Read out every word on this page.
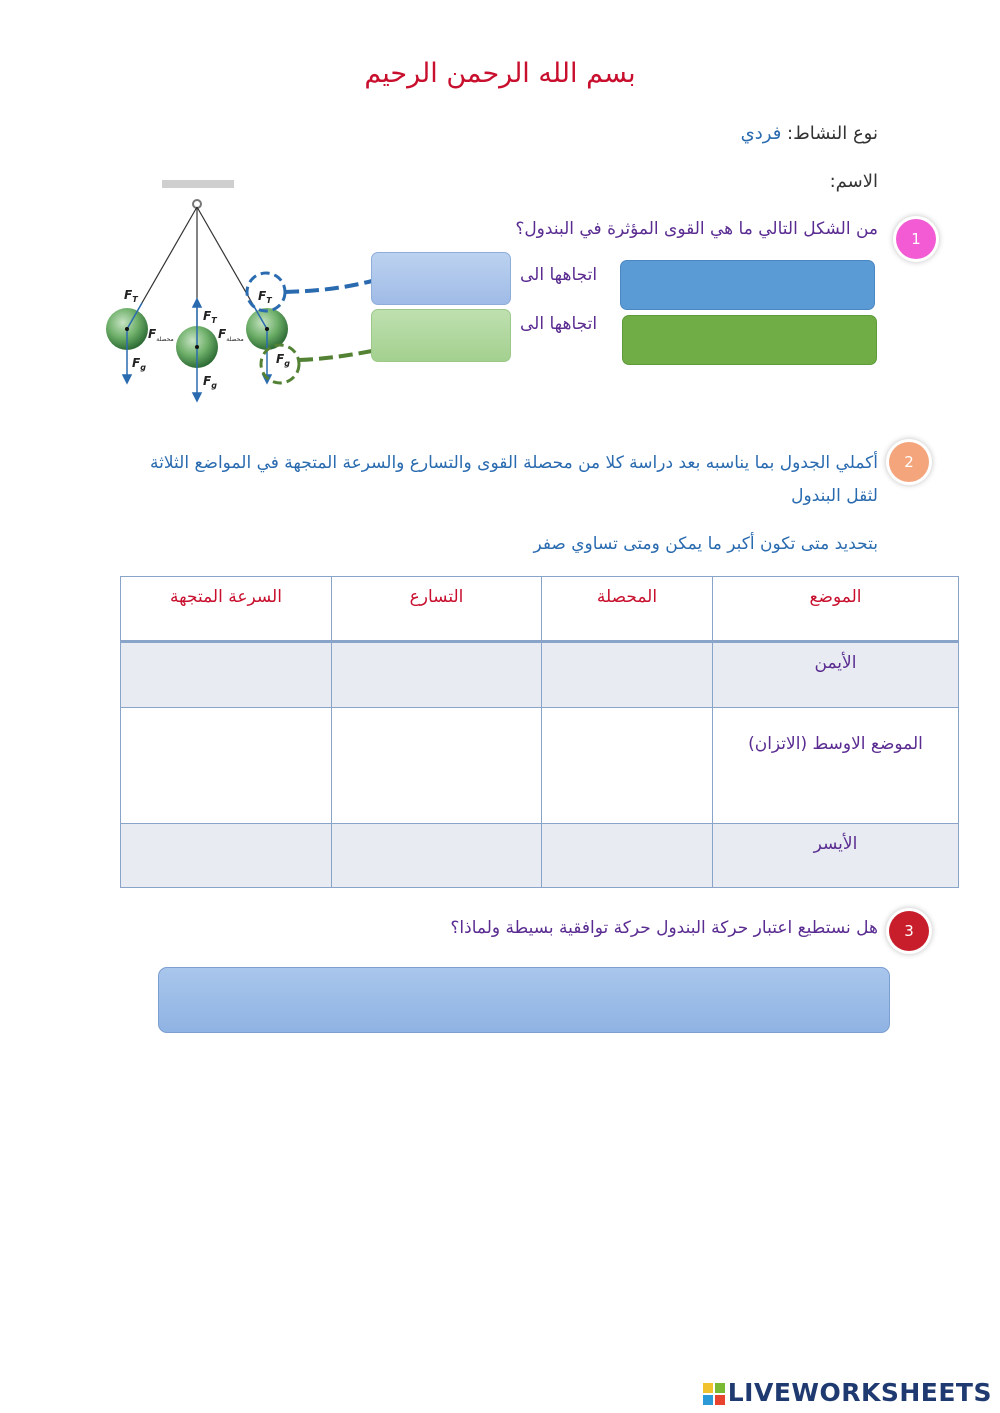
بسم الله الرحمن الرحيم
نوع النشاط: فردي
الاسم:
1
من الشكل التالي ما هي القوى المؤثرة في البندول؟
$F_T$
$F_g$
$F_{محصلة}$
$F_T$
$F_g$
$F_{محصلة}$
$F_T$
$F_g$
اتجاهها الى
اتجاهها الى
2
أكملي الجدول بما يناسبه بعد دراسة كلا من محصلة القوى والتسارع والسرعة المتجهة في المواضع الثلاثة لثقل البندول
بتحديد متى تكون أكبر ما يمكن ومتى تساوي صفر
الموضع	المحصلة	التسارع	السرعة المتجهة
الأيمن			
الموضع الاوسط (الاتزان)			
الأيسر			
3
هل نستطيع اعتبار حركة البندول حركة توافقية بسيطة ولماذا؟
LIVEWORKSHEETS
